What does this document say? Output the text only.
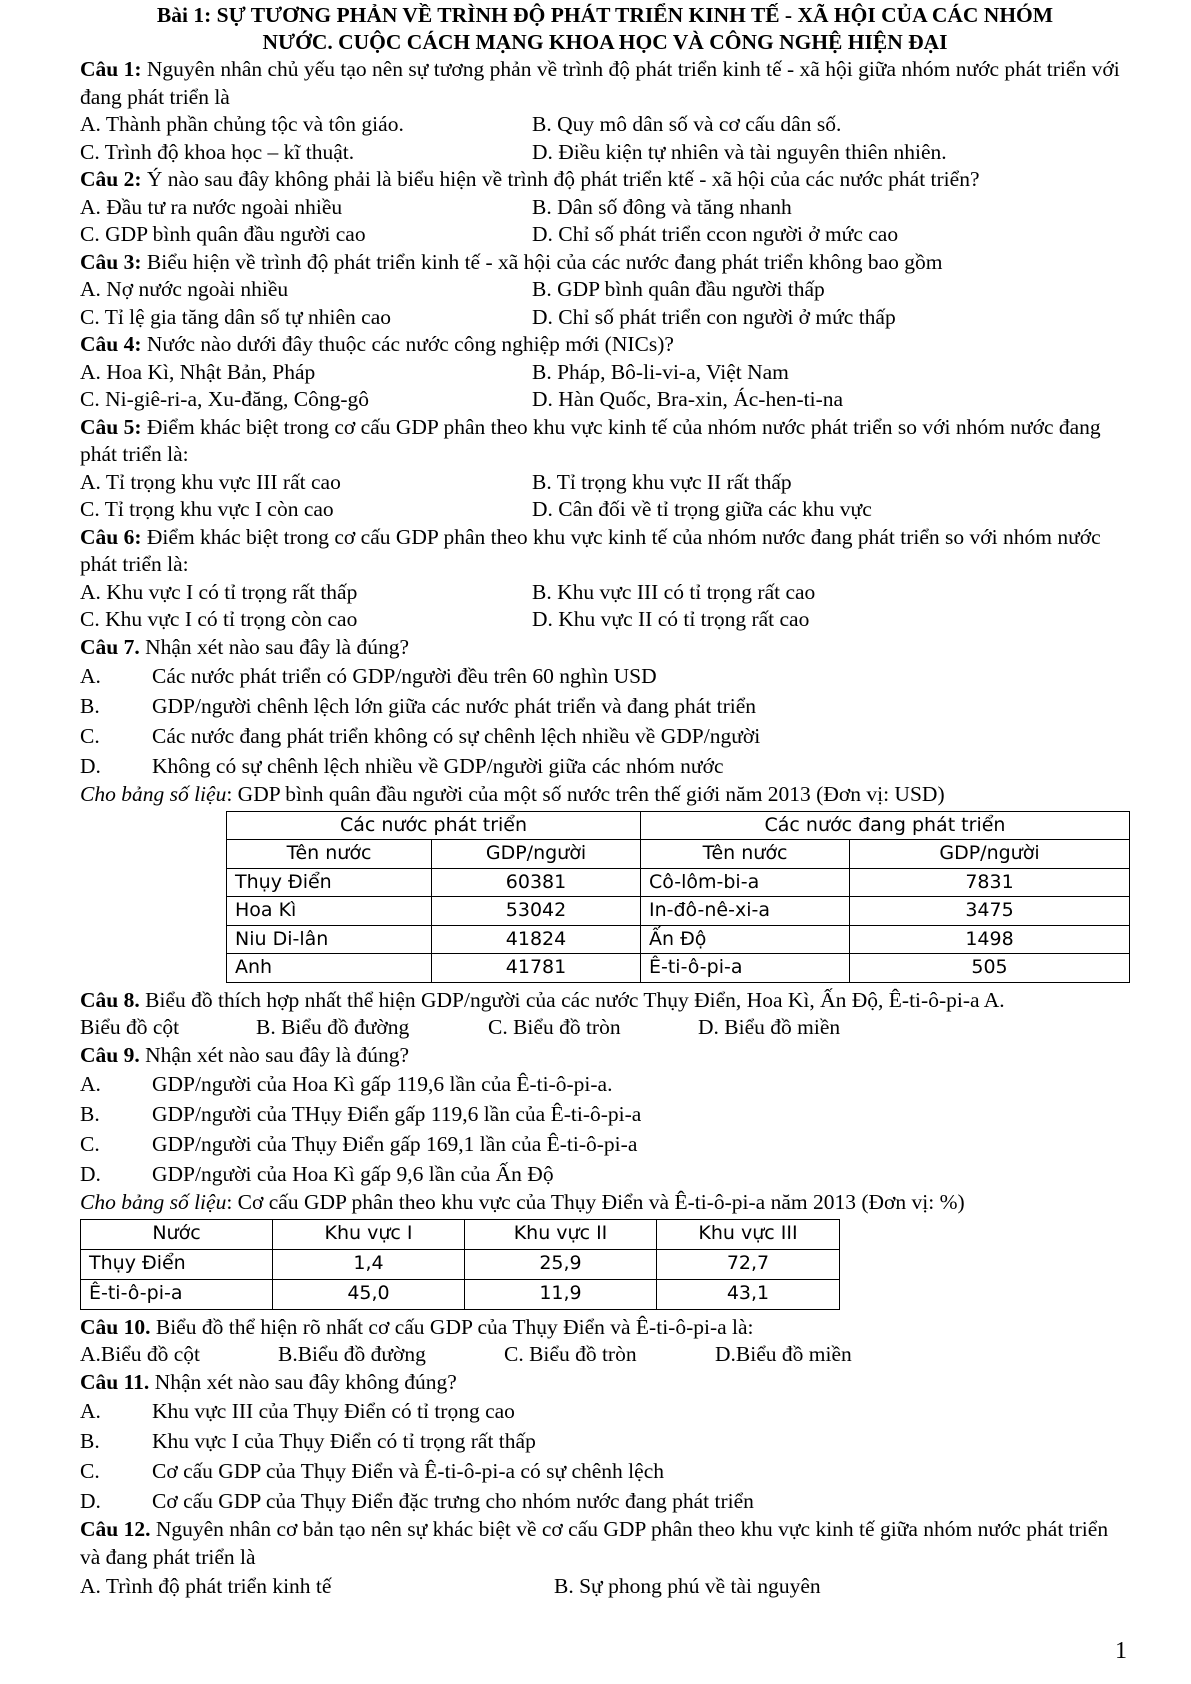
Bài 1: SỰ TƯƠNG PHẢN VỀ TRÌNH ĐỘ PHÁT TRIỂN KINH TẾ - XÃ HỘI CỦA CÁC NHÓM
NƯỚC. CUỘC CÁCH MẠNG KHOA HỌC VÀ CÔNG NGHỆ HIỆN ĐẠI

Câu 1: Nguyên nhân chủ yếu tạo nên sự tương phản về trình độ phát triển kinh tế - xã hội giữa nhóm nước phát triển với đang phát triển là

A. Thành phần chủng tộc và tôn giáo.	B. Quy mô dân số và cơ cấu dân số.
C. Trình độ khoa học – kĩ thuật.	D. Điều kiện tự nhiên và tài nguyên thiên nhiên.

Câu 2: Ý nào sau đây không phải là biểu hiện về trình độ phát triển ktế - xã hội của các nước phát triển?

A. Đầu tư ra nước ngoài nhiều	B. Dân số đông và tăng nhanh
C. GDP bình quân đầu người cao	D. Chỉ số phát triển ccon người ở mức cao

Câu 3: Biểu hiện về trình độ phát triển kinh tế - xã hội của các nước đang phát triển không bao gồm

A. Nợ nước ngoài nhiều	B. GDP bình quân đầu người thấp
C. Tỉ lệ gia tăng dân số tự nhiên cao	D. Chỉ số phát triển con người ở mức thấp

Câu 4: Nước nào dưới đây thuộc các nước công nghiệp mới (NICs)?

A. Hoa Kì, Nhật Bản, Pháp	B. Pháp, Bô-li-vi-a, Việt Nam
C. Ni-giê-ri-a, Xu-đăng, Công-gô	D. Hàn Quốc, Bra-xin, Ác-hen-ti-na

Câu 5: Điểm khác biệt trong cơ cấu GDP phân theo khu vực kinh tế của nhóm nước phát triển so với nhóm nước đang phát triển là:

A. Tỉ trọng khu vực III rất cao	B. Tỉ trọng khu vực II rất thấp
C. Tỉ trọng khu vực I còn cao	D. Cân đối về tỉ trọng giữa các khu vực

Câu 6: Điểm khác biệt trong cơ cấu GDP phân theo khu vực kinh tế của nhóm nước đang phát triển so với nhóm nước phát triển là:

A. Khu vực I có tỉ trọng rất thấp	B. Khu vực III có tỉ trọng rất cao
C. Khu vực I có tỉ trọng còn cao	D. Khu vực II có tỉ trọng rất cao

Câu 7. Nhận xét nào sau đây là đúng?

A.	Các nước phát triển có GDP/người đều trên 60 nghìn USD
B.	GDP/người chênh lệch lớn giữa các nước phát triển và đang phát triển
C.	Các nước đang phát triển không có sự chênh lệch nhiều về GDP/người
D.	Không có sự chênh lệch nhiều về GDP/người giữa các nhóm nước

Cho bảng số liệu: GDP bình quân đầu người của một số nước trên thế giới năm 2013 (Đơn vị: USD)

Các nước phát triển		Các nước đang phát triển	
Tên nước	GDP/người	Tên nước	GDP/người
Thụy Điển	60381	Cô-lôm-bi-a	7831
Hoa Kì	53042	In-đô-nê-xi-a	3475
Niu Di-lân	41824	Ấn Độ	1498
Anh	41781	Ê-ti-ô-pi-a	505

Câu 8. Biểu đồ thích hợp nhất thể hiện GDP/người của các nước Thụy Điển, Hoa Kì, Ấn Độ, Ê-ti-ô-pi-a A.

Biểu đồ cột	B. Biểu đồ đường	C. Biểu đồ tròn	D. Biểu đồ miền

Câu 9. Nhận xét nào sau đây là đúng?

A.	GDP/người của Hoa Kì gấp 119,6 lần của Ê-ti-ô-pi-a.
B.	GDP/người của THụy Điển gấp 119,6 lần của Ê-ti-ô-pi-a
C.	GDP/người của Thụy Điển gấp 169,1 lần của Ê-ti-ô-pi-a
D.	GDP/người của Hoa Kì gấp 9,6 lần của Ấn Độ

Cho bảng số liệu: Cơ cấu GDP phân theo khu vực của Thụy Điển và Ê-ti-ô-pi-a năm 2013 (Đơn vị: %)

Nước	Khu vực I	Khu vực II	Khu vực III
Thụy Điển	1,4	25,9	72,7
Ê-ti-ô-pi-a	45,0	11,9	43,1

Câu 10. Biểu đồ thể hiện rõ nhất cơ cấu GDP của Thụy Điển và Ê-ti-ô-pi-a là:

A.Biểu đồ cột	B.Biểu đồ đường	C. Biểu đồ tròn	D.Biểu đồ miền

Câu 11. Nhận xét nào sau đây không đúng?

A.	Khu vực III của Thụy Điển có tỉ trọng cao
B.	Khu vực I của Thụy Điển có tỉ trọng rất thấp
C.	Cơ cấu GDP của Thụy Điển và Ê-ti-ô-pi-a có sự chênh lệch
D.	Cơ cấu GDP của Thụy Điển đặc trưng cho nhóm nước đang phát triển

Câu 12. Nguyên nhân cơ bản tạo nên sự khác biệt về cơ cấu GDP phân theo khu vực kinh tế giữa nhóm nước phát triển và đang phát triển là

A. Trình độ phát triển kinh tế	B. Sự phong phú về tài nguyên
1
